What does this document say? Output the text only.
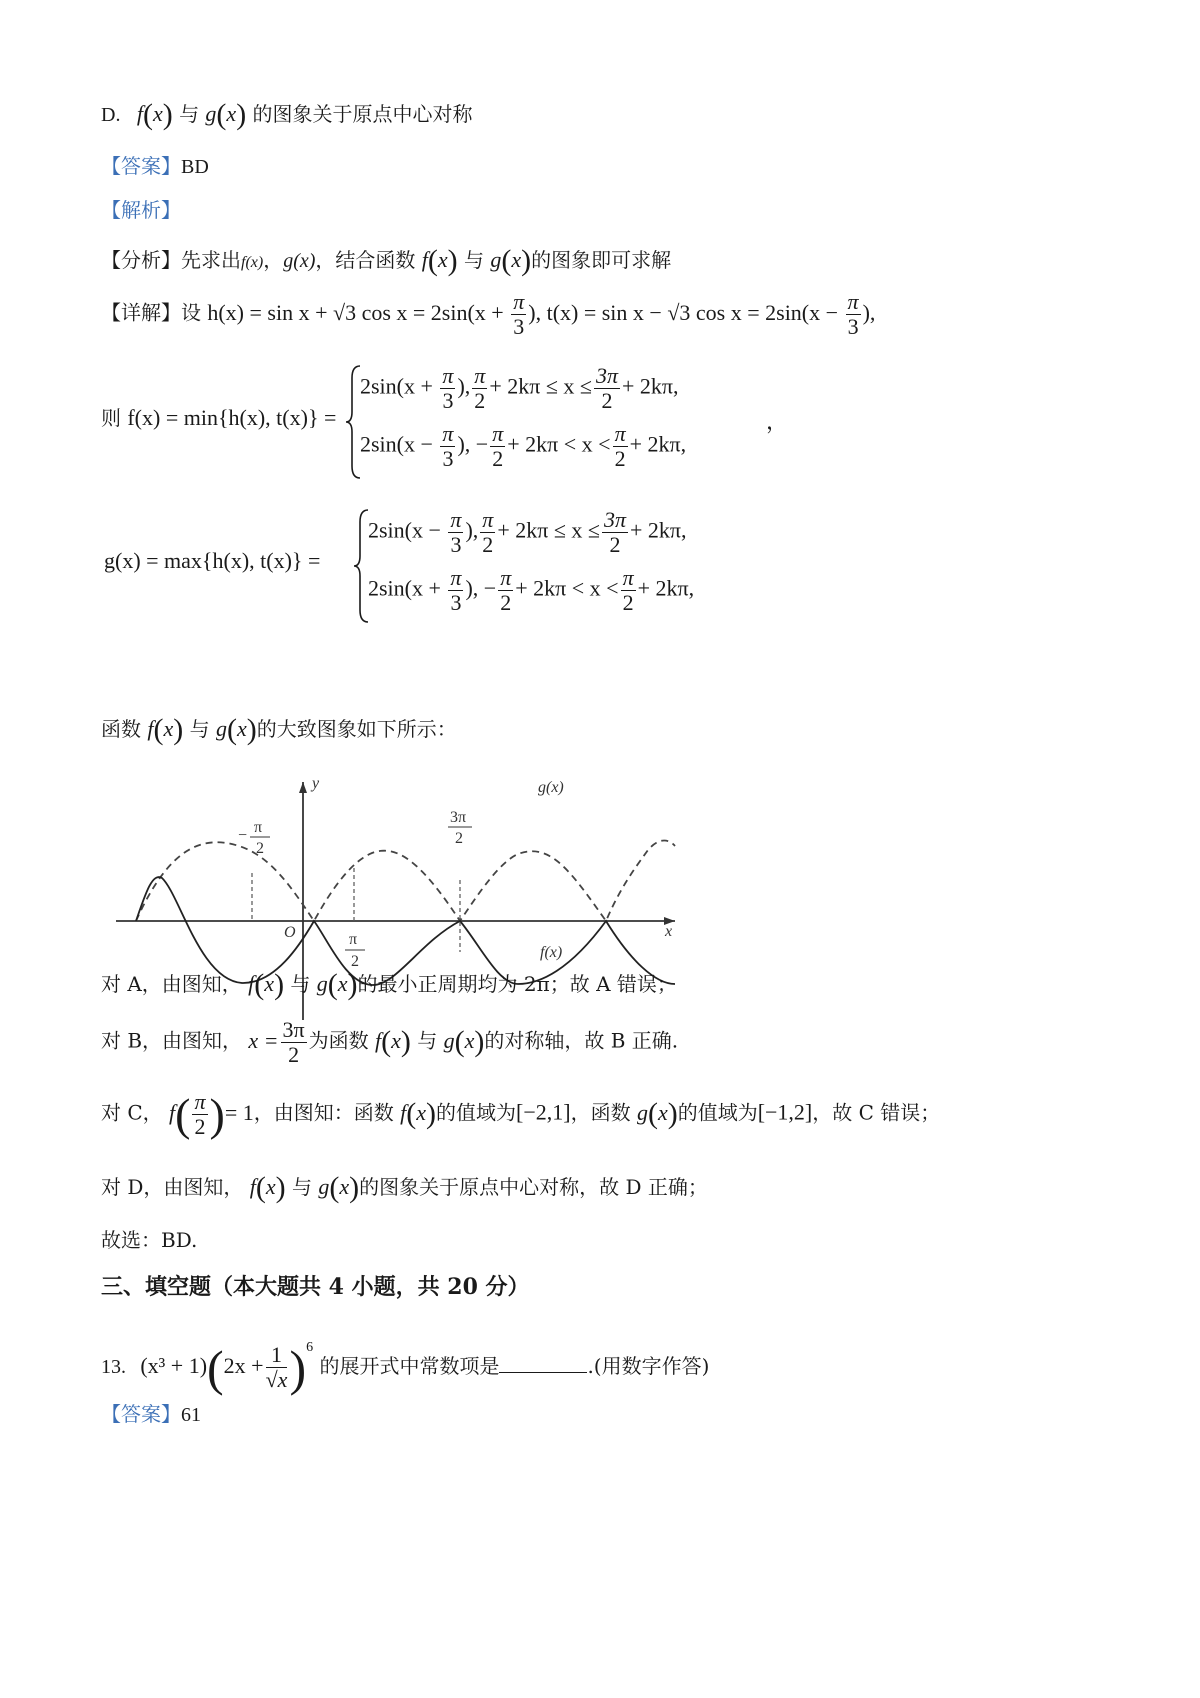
D. f(x) 与 g(x) 的图象关于原点中心对称
【答案】BD
【解析】
【分析】先求出f(x)，g(x)，结合函数 f(x) 与 g(x)的图象即可求解
【详解】设 h(x) = sin x + √3 $\cos x = 2\sin(x + \frac{\pi}{3}$ ), t(x) = sin x − √3 $\cos x = 2\sin(x - \frac{\pi}{3}$ ),
则 f(x) = min{h(x), t(x)} =
$2\sin(x + \frac{\pi}{3}$ ), $\frac{\pi}{2} + 2k\pi \le x \le \frac{3\pi}{2} + 2k\pi$,
$2\sin(x - \frac{\pi}{3}$ ), − $\frac{\pi}{2} + 2k\pi < x < \frac{\pi}{2} + 2k\pi$,
，
g(x) = max{h(x), t(x)} =
$2\sin(x - \frac{\pi}{3}$ ), $\frac{\pi}{2} + 2k\pi \le x \le \frac{3\pi}{2} + 2k\pi$,
$2\sin(x + \frac{\pi}{3}$ ), − $\frac{\pi}{2} + 2k\pi < x < \frac{\pi}{2} + 2k\pi$,
函数 f(x) 与 g(x)的大致图象如下所示：
y
x
O
g(x)
f(x)
− π
2
π
2
3π
2
对 A，由图知， f(x) 与 g(x)的最小正周期均为 2π；故 A 错误；
对 B，由图知， $x = \frac{3\pi}{2}$ 为函数 f(x) 与 g(x)的对称轴，故 B 正确.
对 C， $f( \frac{\pi}{2}$ )= 1，由图知：函数 f(x)的值域为[−2,1]，函数 g(x)的值域为[−1,2]，故 C 错误；
对 D，由图知， f(x) 与 g(x)的图象关于原点中心对称，故 D 正确；
故选：BD.
三、填空题（本大题共 4 小题，共 20 分）
13. $(x^3 + 1)(2x + \frac{1}{√x} )^6$ 的展开式中常数项是	.(用数字作答)
【答案】61
